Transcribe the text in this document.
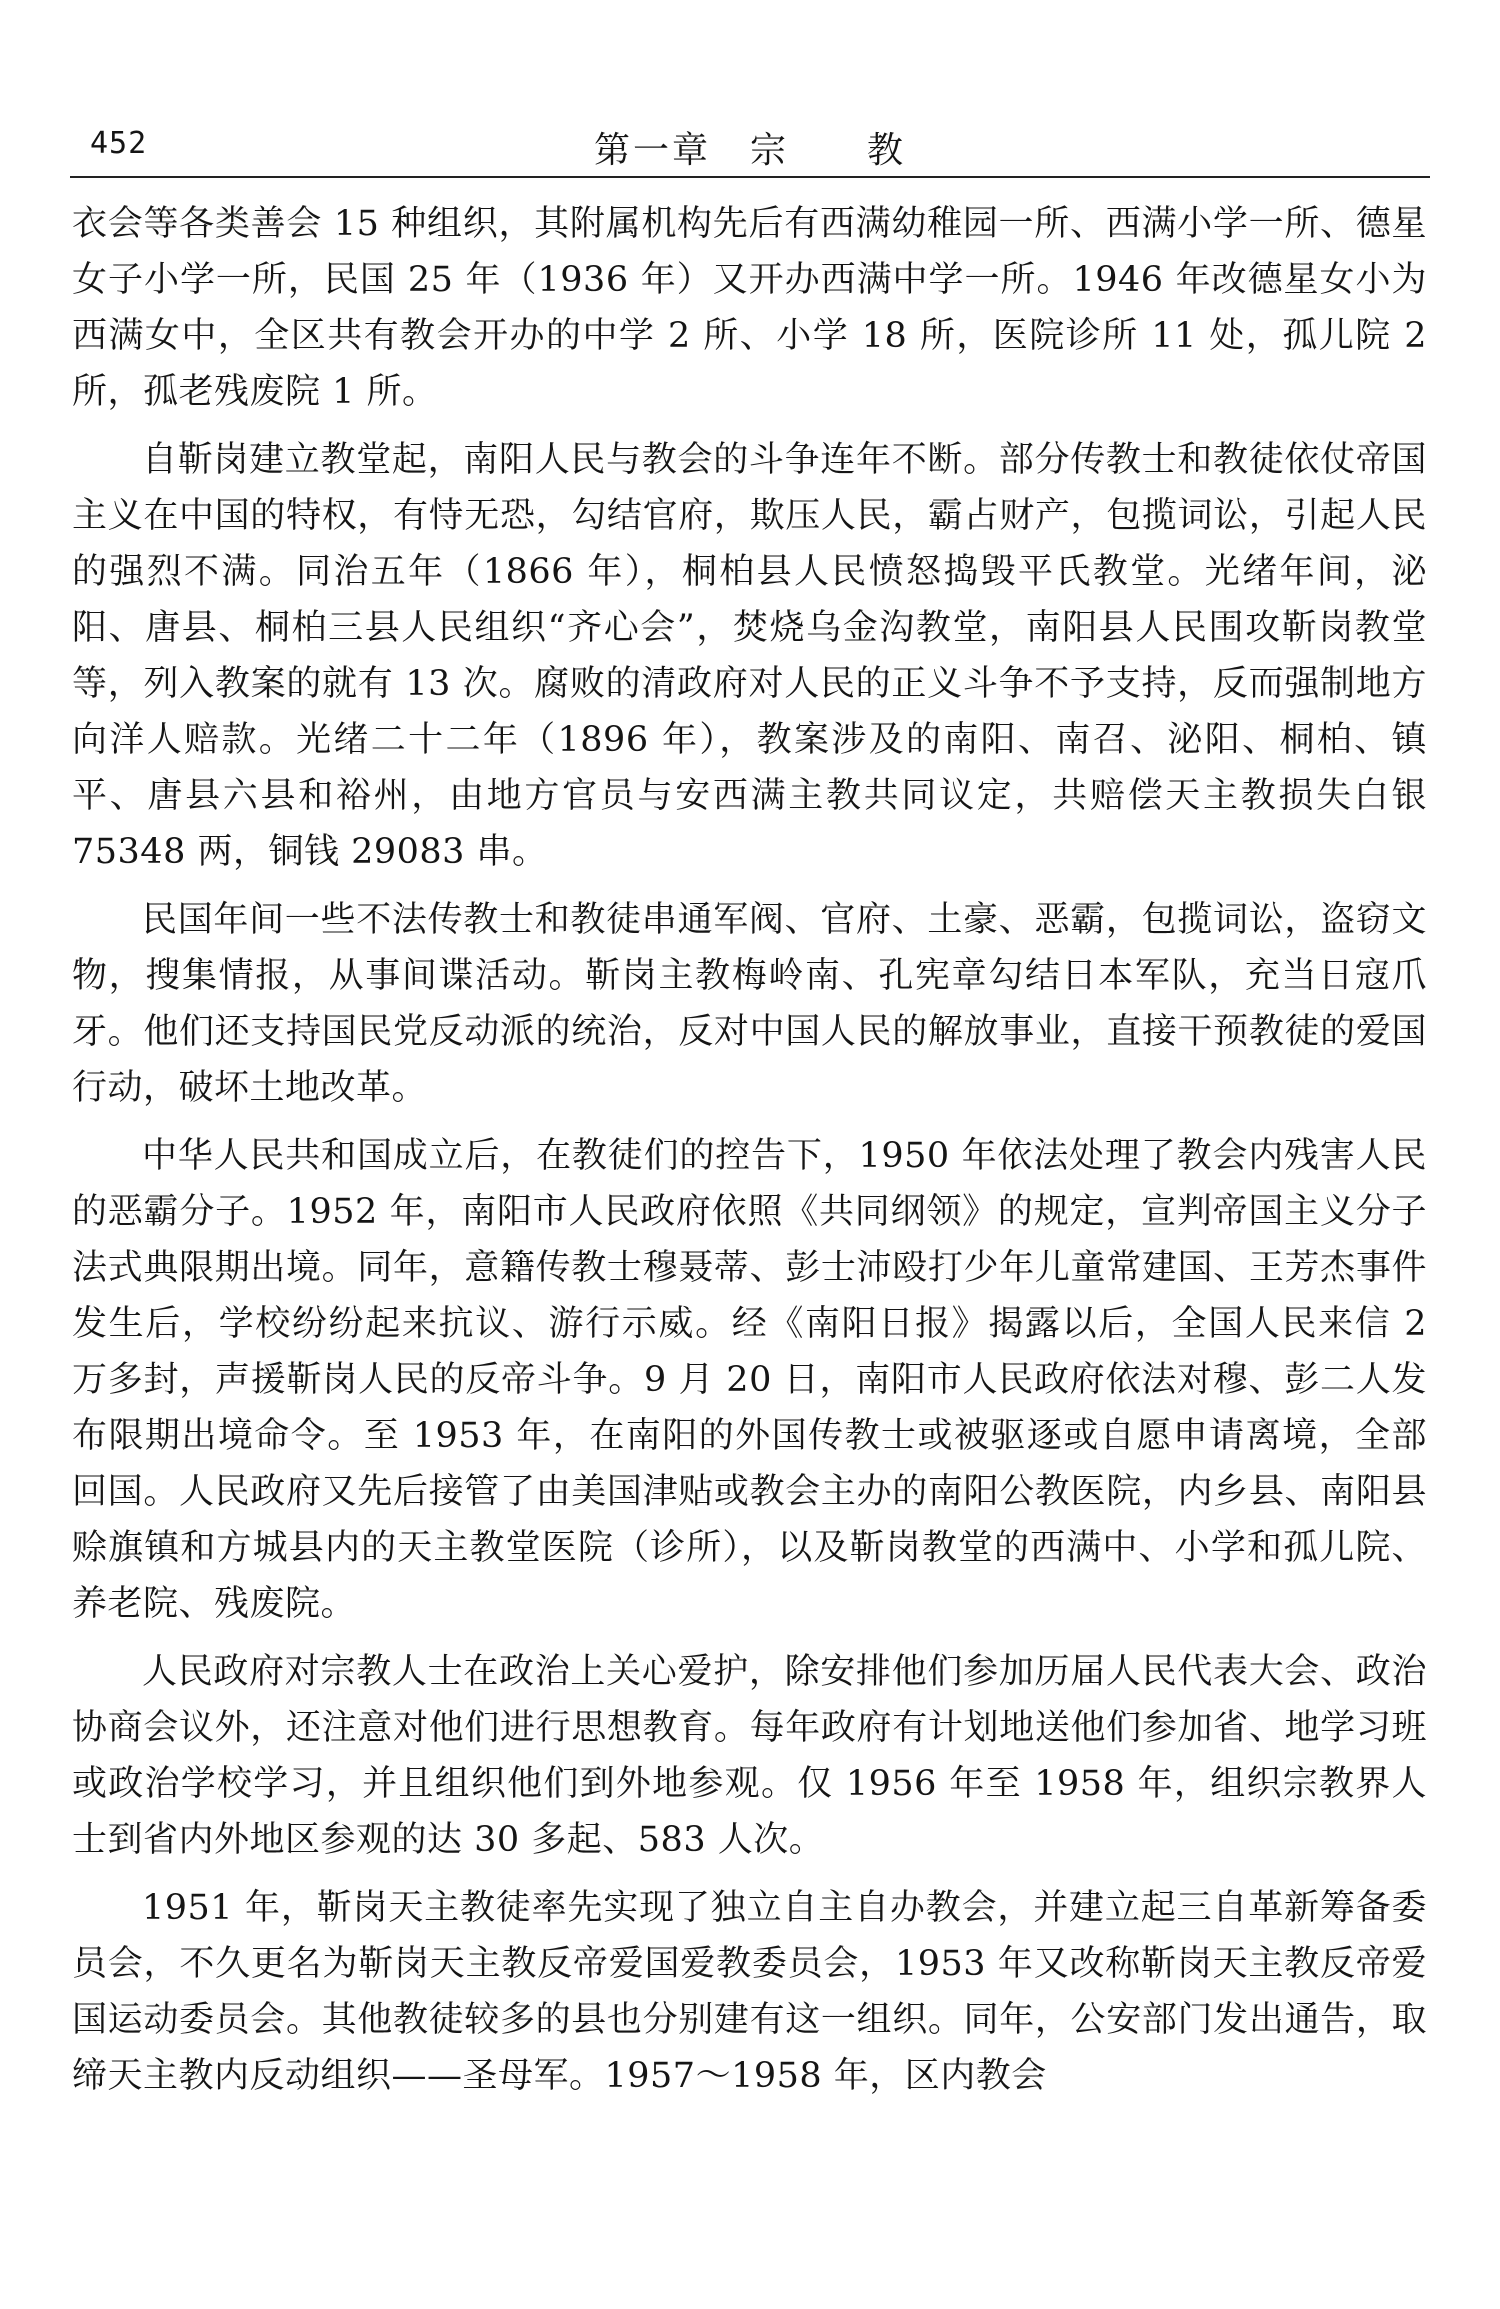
452	第一章　宗　　教

衣会等各类善会 15 种组织，其附属机构先后有西满幼稚园一所、西满小学一所、德星女子小学一所，民国 25 年（1936 年）又开办西满中学一所。1946 年改德星女小为西满女中，全区共有教会开办的中学 2 所、小学 18 所，医院诊所 11 处，孤儿院 2 所，孤老残废院 1 所。

自靳岗建立教堂起，南阳人民与教会的斗争连年不断。部分传教士和教徒依仗帝国主义在中国的特权，有恃无恐，勾结官府，欺压人民，霸占财产，包揽词讼，引起人民的强烈不满。同治五年（1866 年），桐柏县人民愤怒捣毁平氏教堂。光绪年间，泌阳、唐县、桐柏三县人民组织“齐心会”，焚烧乌金沟教堂，南阳县人民围攻靳岗教堂等，列入教案的就有 13 次。腐败的清政府对人民的正义斗争不予支持，反而强制地方向洋人赔款。光绪二十二年（1896 年），教案涉及的南阳、南召、泌阳、桐柏、镇平、唐县六县和裕州，由地方官员与安西满主教共同议定，共赔偿天主教损失白银 75348 两，铜钱 29083 串。

民国年间一些不法传教士和教徒串通军阀、官府、土豪、恶霸，包揽词讼，盗窃文物，搜集情报，从事间谍活动。靳岗主教梅岭南、孔宪章勾结日本军队，充当日寇爪牙。他们还支持国民党反动派的统治，反对中国人民的解放事业，直接干预教徒的爱国行动，破坏土地改革。

中华人民共和国成立后，在教徒们的控告下，1950 年依法处理了教会内残害人民的恶霸分子。1952 年，南阳市人民政府依照《共同纲领》的规定，宣判帝国主义分子法式典限期出境。同年，意籍传教士穆聂蒂、彭士沛殴打少年儿童常建国、王芳杰事件发生后，学校纷纷起来抗议、游行示威。经《南阳日报》揭露以后，全国人民来信 2 万多封，声援靳岗人民的反帝斗争。9 月 20 日，南阳市人民政府依法对穆、彭二人发布限期出境命令。至 1953 年，在南阳的外国传教士或被驱逐或自愿申请离境，全部回国。人民政府又先后接管了由美国津贴或教会主办的南阳公教医院，内乡县、南阳县赊旗镇和方城县内的天主教堂医院（诊所），以及靳岗教堂的西满中、小学和孤儿院、养老院、残废院。

人民政府对宗教人士在政治上关心爱护，除安排他们参加历届人民代表大会、政治协商会议外，还注意对他们进行思想教育。每年政府有计划地送他们参加省、地学习班或政治学校学习，并且组织他们到外地参观。仅 1956 年至 1958 年，组织宗教界人士到省内外地区参观的达 30 多起、583 人次。

1951 年，靳岗天主教徒率先实现了独立自主自办教会，并建立起三自革新筹备委员会，不久更名为靳岗天主教反帝爱国爱教委员会，1953 年又改称靳岗天主教反帝爱国运动委员会。其他教徒较多的县也分别建有这一组织。同年，公安部门发出通告，取缔天主教内反动组织——圣母军。1957～1958 年，区内教会
